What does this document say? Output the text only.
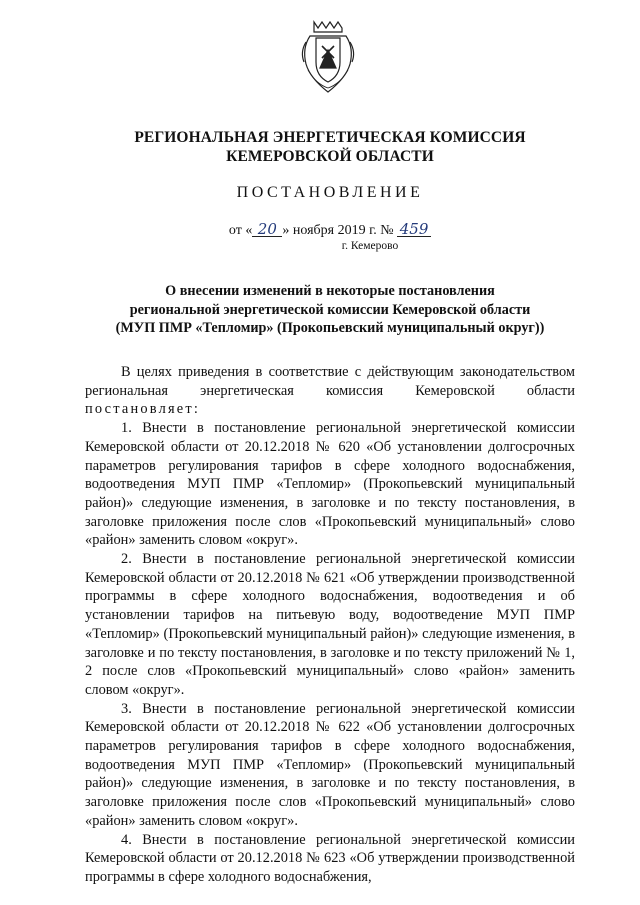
РЕГИОНАЛЬНАЯ ЭНЕРГЕТИЧЕСКАЯ КОМИССИЯ
КЕМЕРОВСКОЙ ОБЛАСТИ
ПОСТАНОВЛЕНИЕ
от « 20 » ноября 2019 г. № 459
г. Кемерово
О внесении изменений в некоторые постановления
региональной энергетической комиссии Кемеровской области
(МУП ПМР «Тепломир» (Прокопьевский муниципальный округ))

В целях приведения в соответствие с действующим законодательством региональная энергетическая комиссия Кемеровской области постановляет:

1. Внести в постановление региональной энергетической комиссии Кемеровской области от 20.12.2018 № 620 «Об установлении долгосрочных параметров регулирования тарифов в сфере холодного водоснабжения, водоотведения МУП ПМР «Тепломир» (Прокопьевский муниципальный район)» следующие изменения, в заголовке и по тексту постановления, в заголовке приложения после слов «Прокопьевский муниципальный» слово «район» заменить словом «округ».

2. Внести в постановление региональной энергетической комиссии Кемеровской области от 20.12.2018 № 621 «Об утверждении производственной программы в сфере холодного водоснабжения, водоотведения и об установлении тарифов на питьевую воду, водоотведение МУП ПМР «Тепломир» (Прокопьевский муниципальный район)» следующие изменения, в заголовке и по тексту постановления, в заголовке и по тексту приложений № 1, 2 после слов «Прокопьевский муниципальный» слово «район» заменить словом «округ».

3. Внести в постановление региональной энергетической комиссии Кемеровской области от 20.12.2018 № 622 «Об установлении долгосрочных параметров регулирования тарифов в сфере холодного водоснабжения, водоотведения МУП ПМР «Тепломир» (Прокопьевский муниципальный район)» следующие изменения, в заголовке и по тексту постановления, в заголовке приложения после слов «Прокопьевский муниципальный» слово «район» заменить словом «округ».

4. Внести в постановление региональной энергетической комиссии Кемеровской области от 20.12.2018 № 623 «Об утверждении производственной программы в сфере холодного водоснабжения,
